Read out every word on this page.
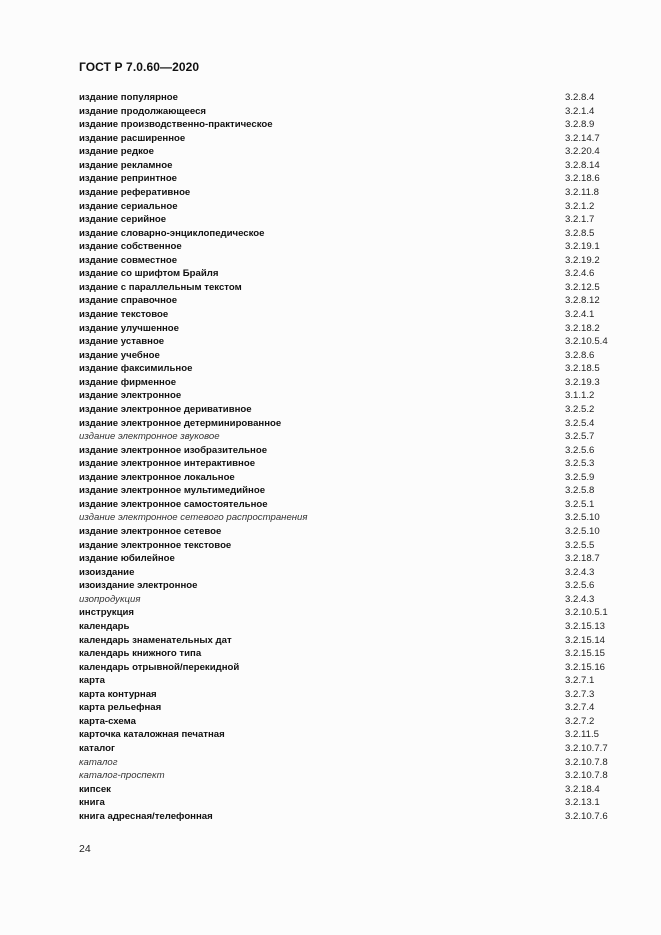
ГОСТ Р 7.0.60—2020
издание популярное	3.2.8.4
издание продолжающееся	3.2.1.4
издание производственно-практическое	3.2.8.9
издание расширенное	3.2.14.7
издание редкое	3.2.20.4
издание рекламное	3.2.8.14
издание репринтное	3.2.18.6
издание реферативное	3.2.11.8
издание сериальное	3.2.1.2
издание серийное	3.2.1.7
издание словарно-энциклопедическое	3.2.8.5
издание собственное	3.2.19.1
издание совместное	3.2.19.2
издание со шрифтом Брайля	3.2.4.6
издание с параллельным текстом	3.2.12.5
издание справочное	3.2.8.12
издание текстовое	3.2.4.1
издание улучшенное	3.2.18.2
издание уставное	3.2.10.5.4
издание учебное	3.2.8.6
издание факсимильное	3.2.18.5
издание фирменное	3.2.19.3
издание электронное	3.1.1.2
издание электронное деривативное	3.2.5.2
издание электронное детерминированное	3.2.5.4
издание электронное звуковое	3.2.5.7
издание электронное изобразительное	3.2.5.6
издание электронное интерактивное	3.2.5.3
издание электронное локальное	3.2.5.9
издание электронное мультимедийное	3.2.5.8
издание электронное самостоятельное	3.2.5.1
издание электронное сетевого распространения	3.2.5.10
издание электронное сетевое	3.2.5.10
издание электронное текстовое	3.2.5.5
издание юбилейное	3.2.18.7
изоиздание	3.2.4.3
изоиздание электронное	3.2.5.6
изопродукция	3.2.4.3
инструкция	3.2.10.5.1
календарь	3.2.15.13
календарь знаменательных дат	3.2.15.14
календарь книжного типа	3.2.15.15
календарь отрывной/перекидной	3.2.15.16
карта	3.2.7.1
карта контурная	3.2.7.3
карта рельефная	3.2.7.4
карта-схема	3.2.7.2
карточка каталожная печатная	3.2.11.5
каталог	3.2.10.7.7
каталог	3.2.10.7.8
каталог-проспект	3.2.10.7.8
кипсек	3.2.18.4
книга	3.2.13.1
книга адресная/телефонная	3.2.10.7.6
24
